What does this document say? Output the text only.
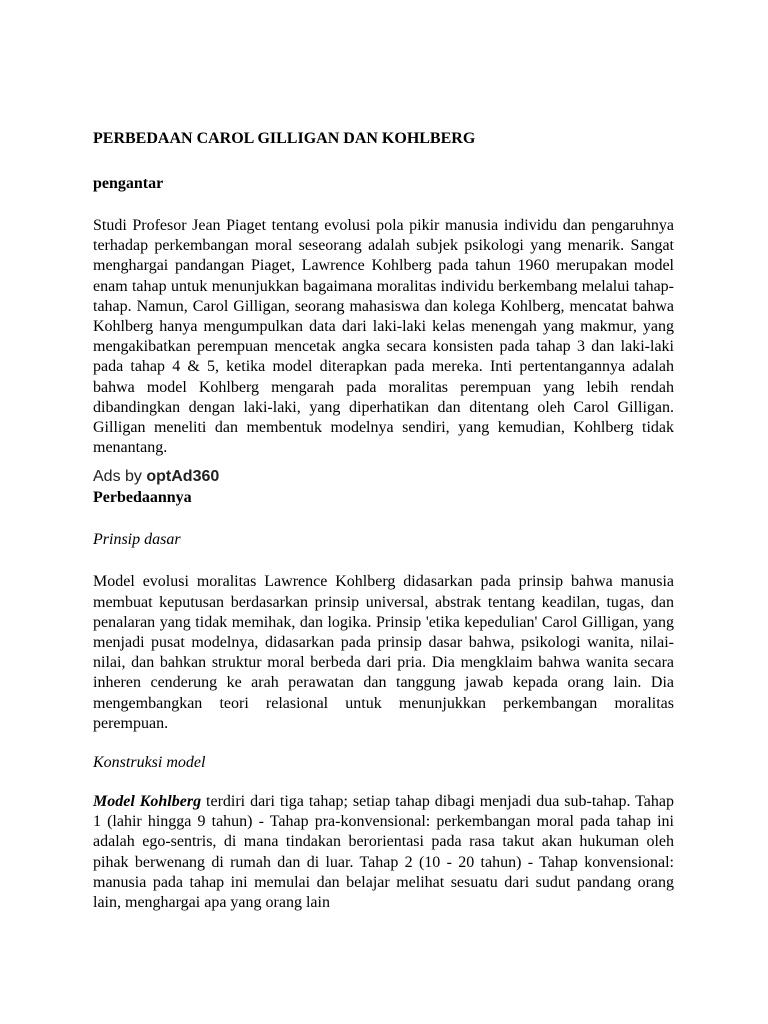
PERBEDAAN CAROL GILLIGAN DAN KOHLBERG

pengantar

Studi Profesor Jean Piaget tentang evolusi pola pikir manusia individu dan pengaruhnya terhadap perkembangan moral seseorang adalah subjek psikologi yang menarik. Sangat menghargai pandangan Piaget, Lawrence Kohlberg pada tahun 1960 merupakan model enam tahap untuk menunjukkan bagaimana moralitas individu berkembang melalui tahap-tahap. Namun, Carol Gilligan, seorang mahasiswa dan kolega Kohlberg, mencatat bahwa Kohlberg hanya mengumpulkan data dari laki-laki kelas menengah yang makmur, yang mengakibatkan perempuan mencetak angka secara konsisten pada tahap 3 dan laki-laki pada tahap 4 & 5, ketika model diterapkan pada mereka. Inti pertentangannya adalah bahwa model Kohlberg mengarah pada moralitas perempuan yang lebih rendah dibandingkan dengan laki-laki, yang diperhatikan dan ditentang oleh Carol Gilligan. Gilligan meneliti dan membentuk modelnya sendiri, yang kemudian, Kohlberg tidak menantang.

Ads by optAd360

Perbedaannya

Prinsip dasar

Model evolusi moralitas Lawrence Kohlberg didasarkan pada prinsip bahwa manusia membuat keputusan berdasarkan prinsip universal, abstrak tentang keadilan, tugas, dan penalaran yang tidak memihak, dan logika. Prinsip 'etika kepedulian' Carol Gilligan, yang menjadi pusat modelnya, didasarkan pada prinsip dasar bahwa, psikologi wanita, nilai-nilai, dan bahkan struktur moral berbeda dari pria. Dia mengklaim bahwa wanita secara inheren cenderung ke arah perawatan dan tanggung jawab kepada orang lain. Dia mengembangkan teori relasional untuk menunjukkan perkembangan moralitas perempuan.

Konstruksi model

Model Kohlberg terdiri dari tiga tahap; setiap tahap dibagi menjadi dua sub-tahap. Tahap 1 (lahir hingga 9 tahun) - Tahap pra-konvensional: perkembangan moral pada tahap ini adalah ego-sentris, di mana tindakan berorientasi pada rasa takut akan hukuman oleh pihak berwenang di rumah dan di luar. Tahap 2 (10 - 20 tahun) - Tahap konvensional: manusia pada tahap ini memulai dan belajar melihat sesuatu dari sudut pandang orang lain, menghargai apa yang orang lain
